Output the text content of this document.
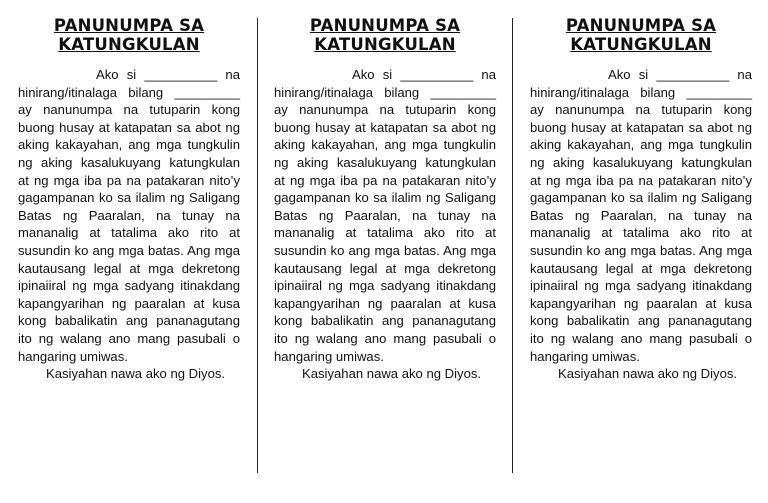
PANUNUMPA SA
KATUNGKULAN

Ako si __________ na hinirang/itinalaga bilang _________ ay nanunumpa na tutuparin kong buong husay at katapatan sa abot ng aking kakayahan, ang mga tungkulin ng aking kasalukuyang katungkulan at ng mga iba pa na patakaran nito’y gagampanan ko sa ilalim ng Saligang Batas ng Paaralan, na tunay na mananalig at tatalima ako rito at susundin ko ang mga batas. Ang mga kautausang legal at mga dekretong ipinaiiral ng mga sadyang itinakdang kapangyarihan ng paaralan at kusa kong babalikatin ang pananagutang ito ng walang ano mang pasubali o hangaring umiwas.

Kasiyahan nawa ako ng Diyos.

PANUNUMPA SA
KATUNGKULAN

Ako si __________ na hinirang/itinalaga bilang _________ ay nanunumpa na tutuparin kong buong husay at katapatan sa abot ng aking kakayahan, ang mga tungkulin ng aking kasalukuyang katungkulan at ng mga iba pa na patakaran nito’y gagampanan ko sa ilalim ng Saligang Batas ng Paaralan, na tunay na mananalig at tatalima ako rito at susundin ko ang mga batas. Ang mga kautausang legal at mga dekretong ipinaiiral ng mga sadyang itinakdang kapangyarihan ng paaralan at kusa kong babalikatin ang pananagutang ito ng walang ano mang pasubali o hangaring umiwas.

Kasiyahan nawa ako ng Diyos.

PANUNUMPA SA
KATUNGKULAN

Ako si __________ na hinirang/itinalaga bilang _________ ay nanunumpa na tutuparin kong buong husay at katapatan sa abot ng aking kakayahan, ang mga tungkulin ng aking kasalukuyang katungkulan at ng mga iba pa na patakaran nito’y gagampanan ko sa ilalim ng Saligang Batas ng Paaralan, na tunay na mananalig at tatalima ako rito at susundin ko ang mga batas. Ang mga kautausang legal at mga dekretong ipinaiiral ng mga sadyang itinakdang kapangyarihan ng paaralan at kusa kong babalikatin ang pananagutang ito ng walang ano mang pasubali o hangaring umiwas.

Kasiyahan nawa ako ng Diyos.
